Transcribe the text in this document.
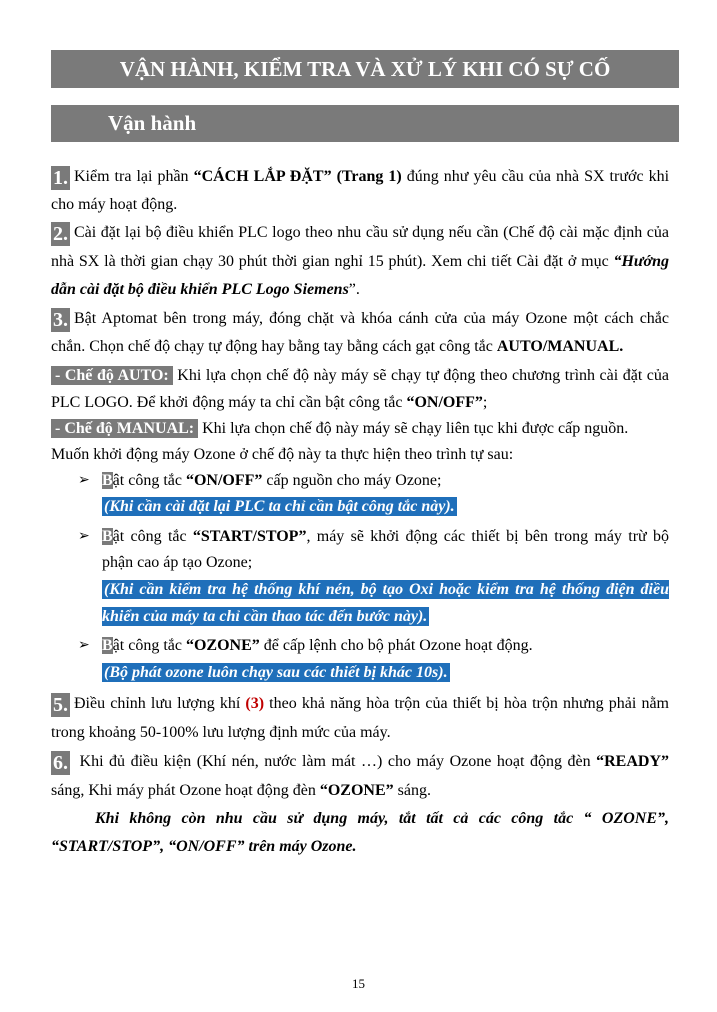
VẬN HÀNH, KIỂM TRA VÀ XỬ LÝ KHI CÓ SỰ CỐ
Vận hành

1. Kiểm tra lại phần “CÁCH LẮP ĐẶT” (Trang 1) đúng như yêu cầu của nhà SX trước khi cho máy hoạt động.

2. Cài đặt lại bộ điều khiển PLC logo theo nhu cầu sử dụng nếu cần (Chế độ cài mặc định của nhà SX là thời gian chạy 30 phút thời gian nghỉ 15 phút). Xem chi tiết Cài đặt ở mục “Hướng dẫn cài đặt bộ điều khiển PLC Logo Siemens”.

3. Bật Aptomat bên trong máy, đóng chặt và khóa cánh cửa của máy Ozone một cách chắc chắn. Chọn chế độ chạy tự động hay bằng tay bằng cách gạt công tắc AUTO/MANUAL.

- Chế độ AUTO: Khi lựa chọn chế độ này máy sẽ chạy tự động theo chương trình cài đặt của PLC LOGO. Để khởi động máy ta chỉ cần bật công tắc “ON/OFF”;

- Chế độ MANUAL: Khi lựa chọn chế độ này máy sẽ chạy liên tục khi được cấp nguồn.

Muốn khởi động máy Ozone ở chế độ này ta thực hiện theo trình tự sau:

➢ Bật công tắc “ON/OFF” cấp nguồn cho máy Ozone;

(Khi cần cài đặt lại PLC ta chỉ cần bật công tắc này).

➢ Bật công tắc “START/STOP”, máy sẽ khởi động các thiết bị bên trong máy trừ bộ phận cao áp tạo Ozone;

(Khi cần kiểm tra hệ thống khí nén, bộ tạo Oxi hoặc kiểm tra hệ thống điện điều khiển của máy ta chỉ cần thao tác đến bước này).

➢ Bật công tắc “OZONE” để cấp lệnh cho bộ phát Ozone hoạt động.

(Bộ phát ozone luôn chạy sau các thiết bị khác 10s).

5. Điều chỉnh lưu lượng khí (3) theo khả năng hòa trộn của thiết bị hòa trộn nhưng phải nằm trong khoảng 50-100% lưu lượng định mức của máy.

6. Khi đủ điều kiện (Khí nén, nước làm mát …) cho máy Ozone hoạt động đèn “READY” sáng, Khi máy phát Ozone hoạt động đèn “OZONE” sáng.

Khi không còn nhu cầu sử dụng máy, tắt tất cả các công tắc “ OZONE”, “START/STOP”, “ON/OFF” trên máy Ozone.

15
